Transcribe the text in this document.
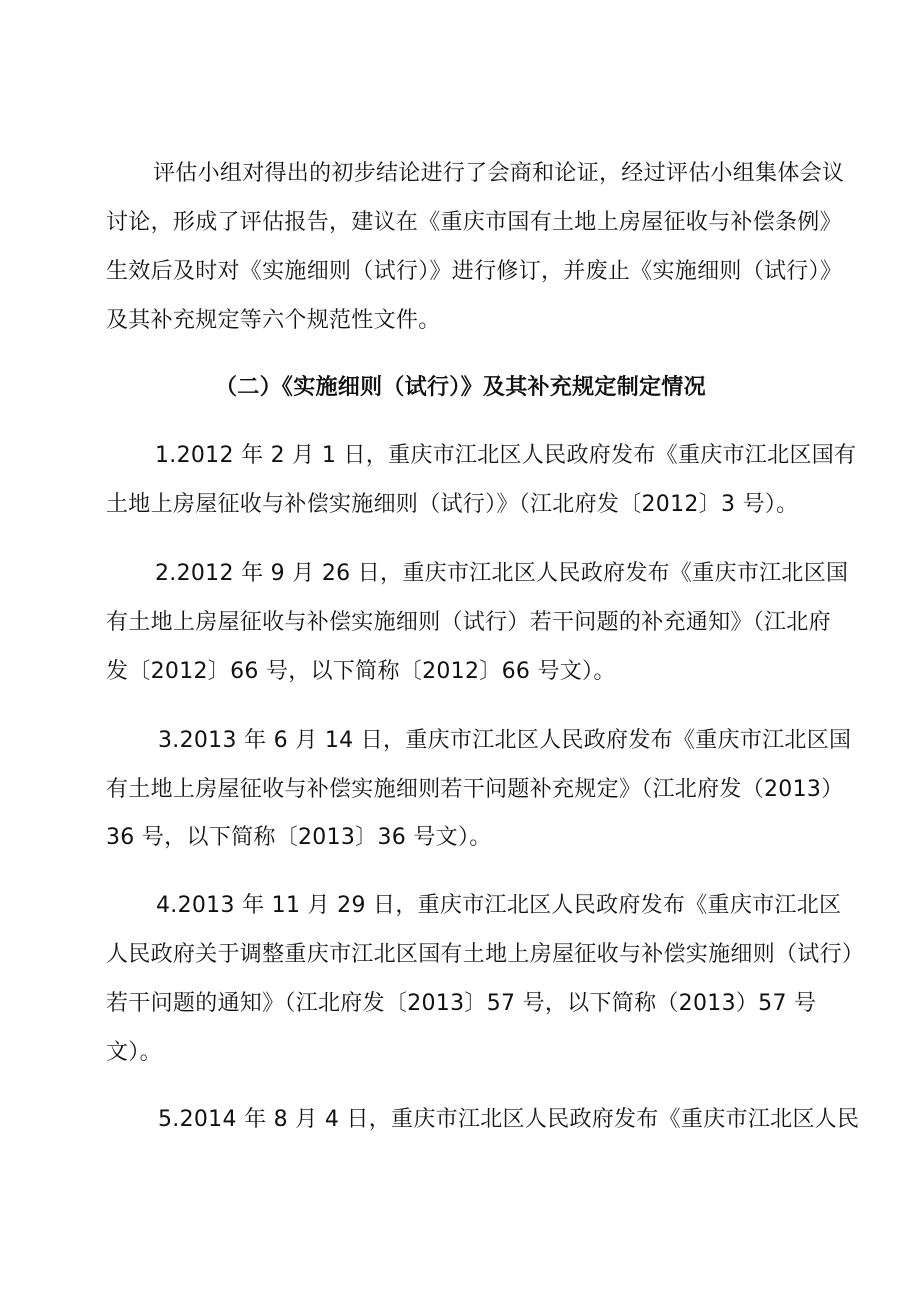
评估小组对得出的初步结论进行了会商和论证，经过评估小组集体会议
讨论，形成了评估报告，建议在《重庆市国有土地上房屋征收与补偿条例》
生效后及时对《实施细则（试行）》进行修订，并废止《实施细则（试行）》
及其补充规定等六个规范性文件。
（二）《实施细则（试行）》及其补充规定制定情况
1.2012 年 2 月 1 日，重庆市江北区人民政府发布《重庆市江北区国有
土地上房屋征收与补偿实施细则（试行）》（江北府发〔2012〕3 号）。
2.2012 年 9 月 26 日，重庆市江北区人民政府发布《重庆市江北区国
有土地上房屋征收与补偿实施细则（试行）若干问题的补充通知》（江北府
发〔2012〕66 号，以下简称〔2012〕66 号文）。
3.2013 年 6 月 14 日，重庆市江北区人民政府发布《重庆市江北区国
有土地上房屋征收与补偿实施细则若干问题补充规定》（江北府发（2013）
36 号，以下简称〔2013〕36 号文）。
4.2013 年 11 月 29 日，重庆市江北区人民政府发布《重庆市江北区
人民政府关于调整重庆市江北区国有土地上房屋征收与补偿实施细则（试行）
若干问题的通知》（江北府发〔2013〕57 号，以下简称（2013）57 号
文）。
5.2014 年 8 月 4 日，重庆市江北区人民政府发布《重庆市江北区人民
